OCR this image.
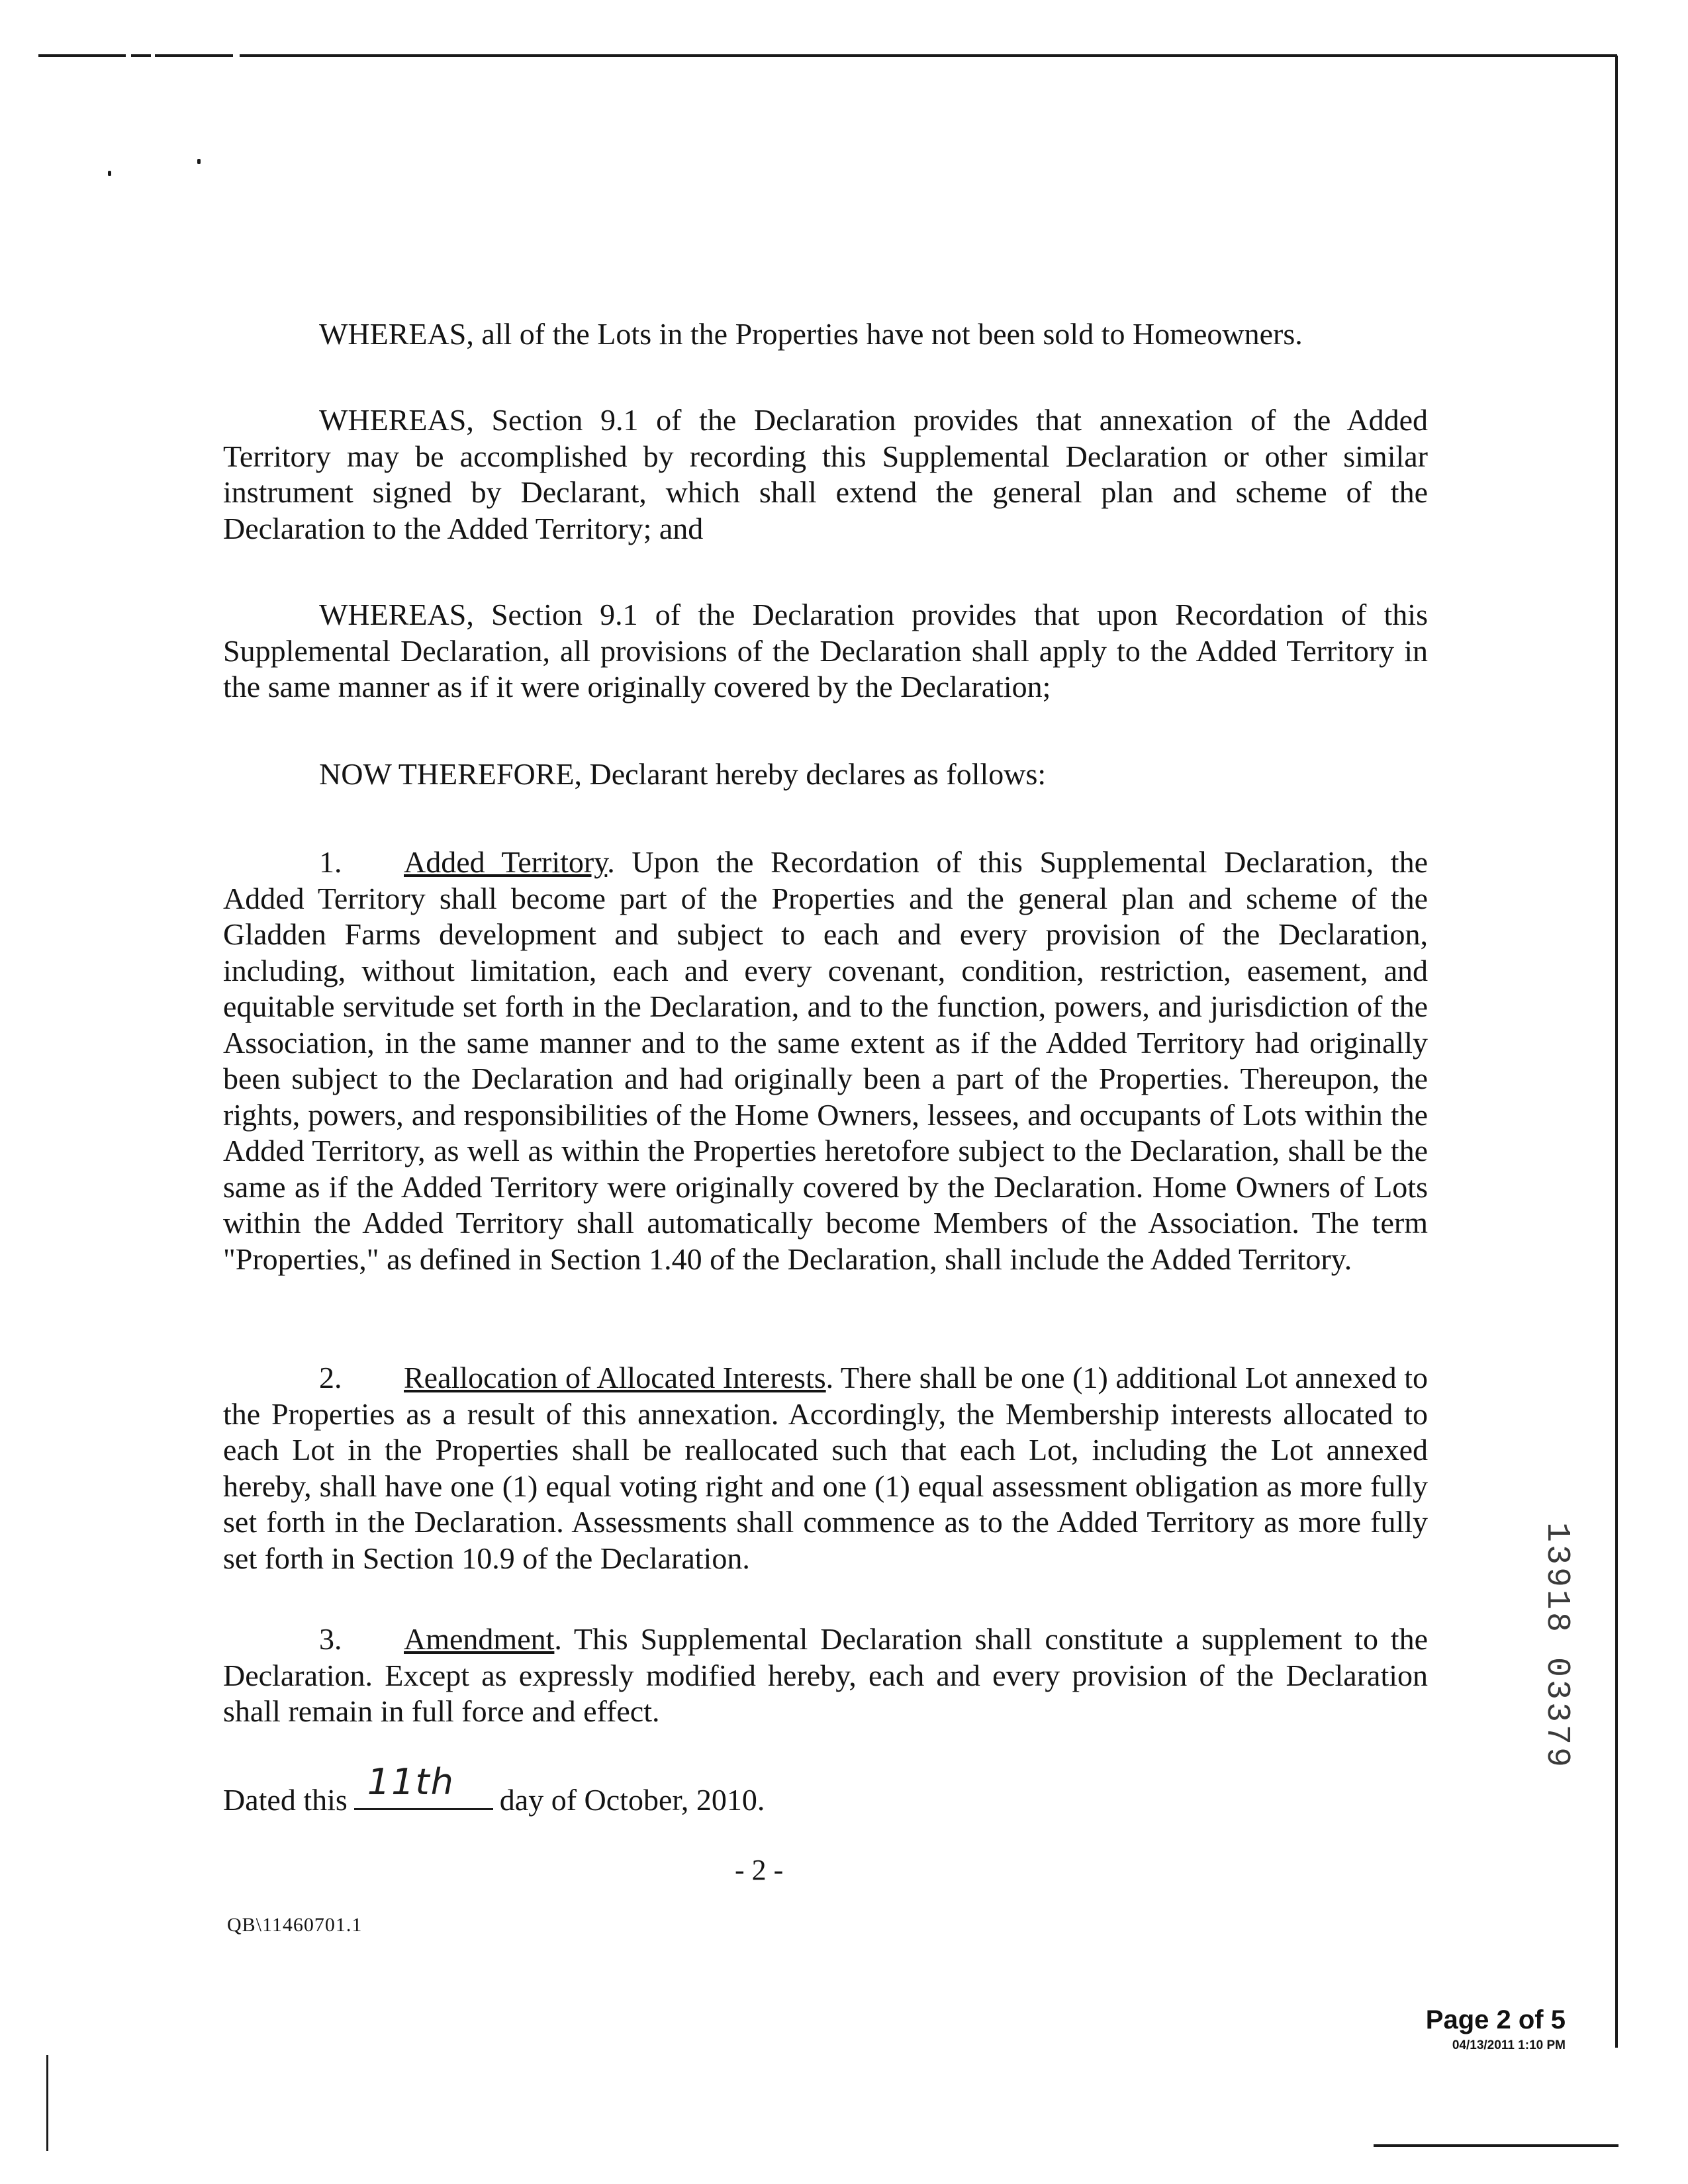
WHEREAS, all of the Lots in the Properties have not been sold to Homeowners.

WHEREAS, Section 9.1 of the Declaration provides that annexation of the Added Territory may be accomplished by recording this Supplemental Declaration or other similar instrument signed by Declarant, which shall extend the general plan and scheme of the Declaration to the Added Territory; and

WHEREAS, Section 9.1 of the Declaration provides that upon Recordation of this Supplemental Declaration, all provisions of the Declaration shall apply to the Added Territory in the same manner as if it were originally covered by the Declaration;

NOW THEREFORE, Declarant hereby declares as follows:

1. Added Territory. Upon the Recordation of this Supplemental Declaration, the Added Territory shall become part of the Properties and the general plan and scheme of the Gladden Farms development and subject to each and every provision of the Declaration, including, without limitation, each and every covenant, condition, restriction, easement, and equitable servitude set forth in the Declaration, and to the function, powers, and jurisdiction of the Association, in the same manner and to the same extent as if the Added Territory had originally been subject to the Declaration and had originally been a part of the Properties. Thereupon, the rights, powers, and responsibilities of the Home Owners, lessees, and occupants of Lots within the Added Territory, as well as within the Properties heretofore subject to the Declaration, shall be the same as if the Added Territory were originally covered by the Declaration. Home Owners of Lots within the Added Territory shall automatically become Members of the Association. The term "Properties," as defined in Section 1.40 of the Declaration, shall include the Added Territory.

2. Reallocation of Allocated Interests. There shall be one (1) additional Lot annexed to the Properties as a result of this annexation. Accordingly, the Membership interests allocated to each Lot in the Properties shall be reallocated such that each Lot, including the Lot annexed hereby, shall have one (1) equal voting right and one (1) equal assessment obligation as more fully set forth in the Declaration. Assessments shall commence as to the Added Territory as more fully set forth in Section 10.9 of the Declaration.

3. Amendment. This Supplemental Declaration shall constitute a supplement to the Declaration. Except as expressly modified hereby, each and every provision of the Declaration shall remain in full force and effect.

Dated this 11th day of October, 2010.
- 2 -
QB\11460701.1
13918 03379
Page 2 of 5
04/13/2011 1:10 PM
